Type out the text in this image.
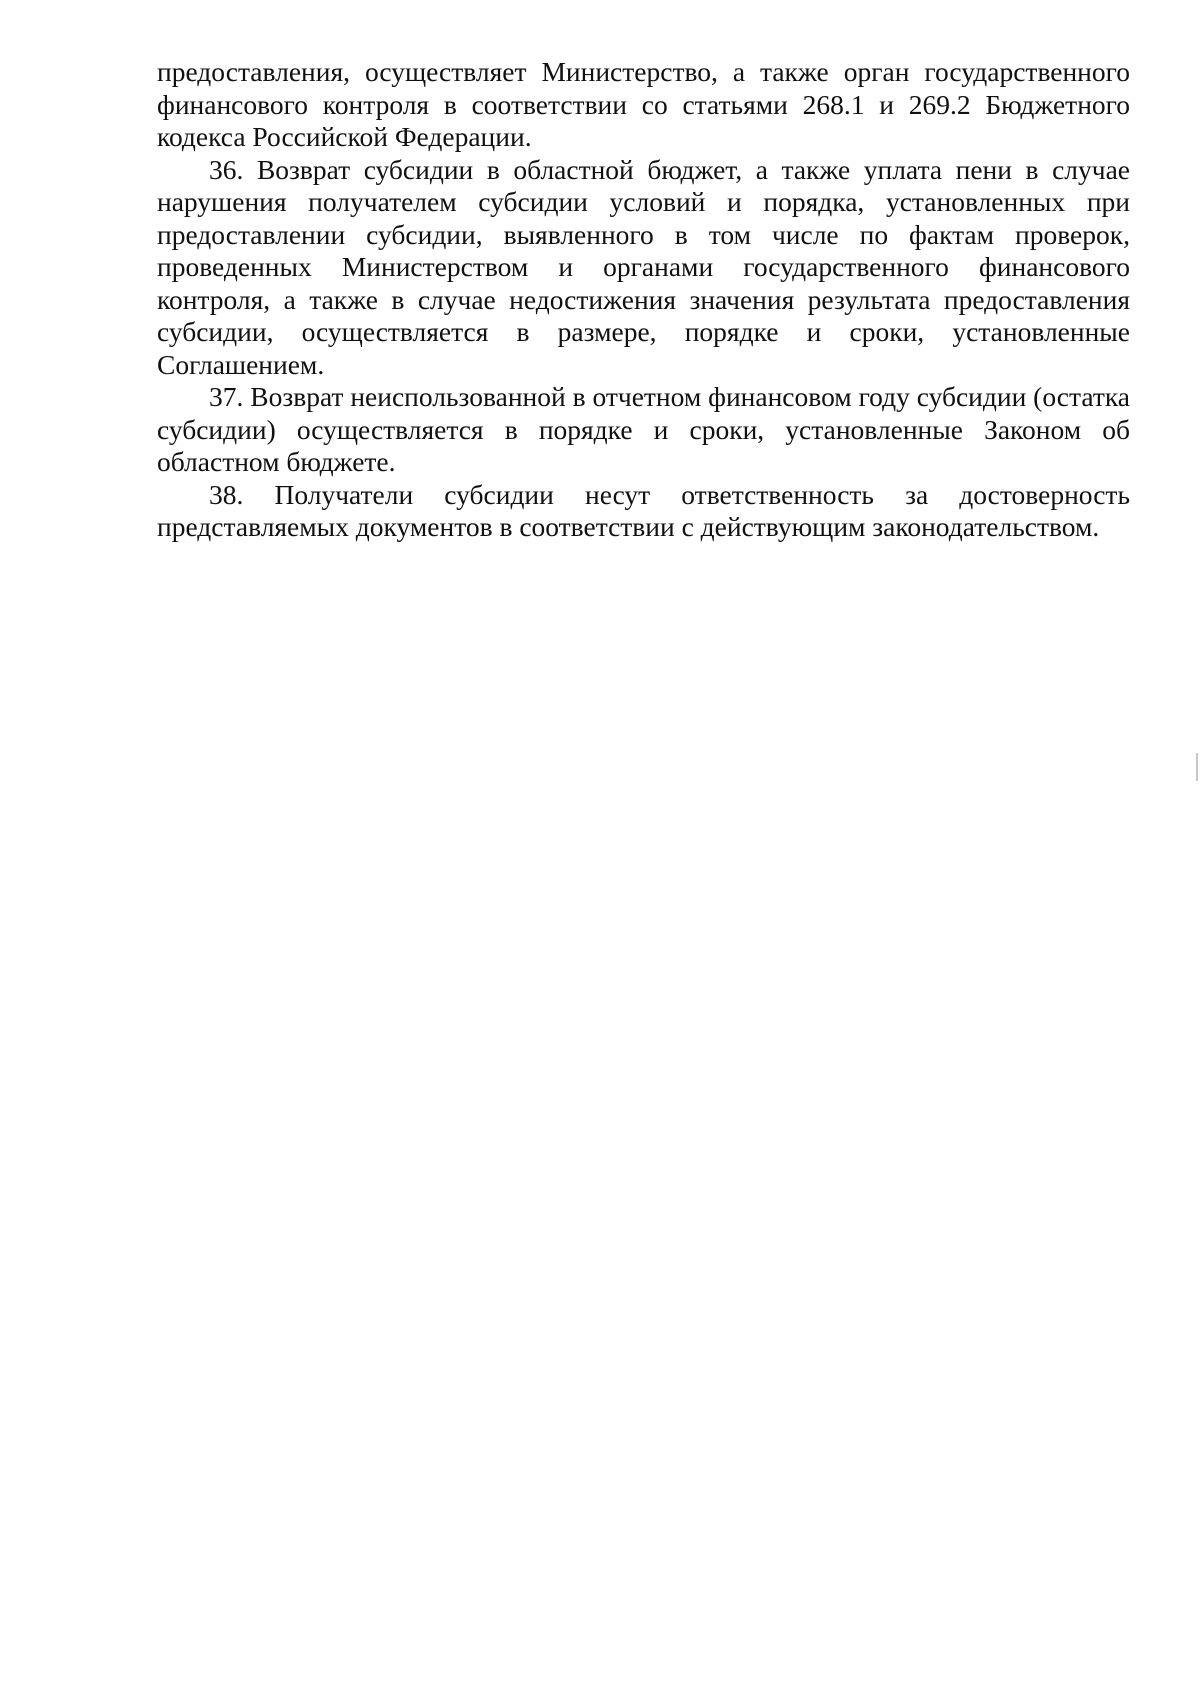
предоставления, осуществляет Министерство, а также орган государственного финансового контроля в соответствии со статьями 268.1 и 269.2 Бюджетного кодекса Российской Федерации.

36. Возврат субсидии в областной бюджет, а также уплата пени в случае нарушения получателем субсидии условий и порядка, установленных при предоставлении субсидии, выявленного в том числе по фактам проверок, проведенных Министерством и органами государственного финансового контроля, а также в случае недостижения значения результата предоставления субсидии, осуществляется в размере, порядке и сроки, установленные Соглашением.

37. Возврат неиспользованной в отчетном финансовом году субсидии (остатка субсидии) осуществляется в порядке и сроки, установленные Законом об областном бюджете.

38. Получатели субсидии несут ответственность за достоверность представляемых документов в соответствии с действующим законодательством.
